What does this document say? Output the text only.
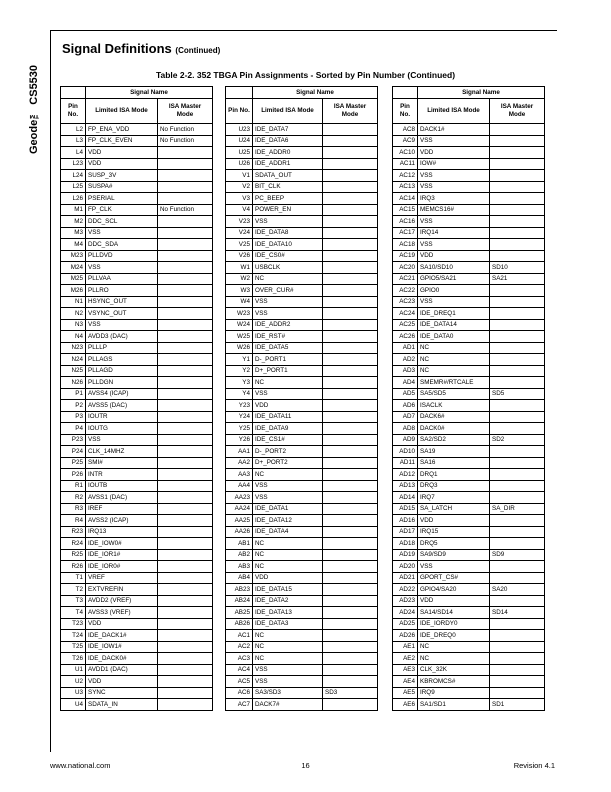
Geode™ CS5530
Signal Definitions (Continued)
Table 2-2. 352 TBGA Pin Assignments - Sorted by Pin Number (Continued)
	Signal Name	
Pin No.	Limited ISA Mode	ISA Master Mode
L2	FP_ENA_VDD	No Function
L3	FP_CLK_EVEN	No Function
L4	VDD	
L23	VDD	
L24	SUSP_3V	
L25	SUSPA#	
L26	PSERIAL	
M1	FP_CLK	No Function
M2	DDC_SCL	
M3	VSS	
M4	DDC_SDA	
M23	PLLDVD	
M24	VSS	
M25	PLLVAA	
M26	PLLRO	
N1	HSYNC_OUT	
N2	VSYNC_OUT	
N3	VSS	
N4	AVDD3 (DAC)	
N23	PLLLP	
N24	PLLAGS	
N25	PLLAGD	
N26	PLLDGN	
P1	AVSS4 (ICAP)	
P2	AVSS5 (DAC)	
P3	IOUTR	
P4	IOUTG	
P23	VSS	
P24	CLK_14MHZ	
P25	SMI#	
P26	INTR	
R1	IOUTB	
R2	AVSS1 (DAC)	
R3	IREF	
R4	AVSS2 (ICAP)	
R23	IRQ13	
R24	IDE_IOW0#	
R25	IDE_IOR1#	
R26	IDE_IOR0#	
T1	VREF	
T2	EXTVREFIN	
T3	AVDD2 (VREF)	
T4	AVSS3 (VREF)	
T23	VDD	
T24	IDE_DACK1#	
T25	IDE_IOW1#	
T26	IDE_DACK0#	
U1	AVDD1 (DAC)	
U2	VDD	
U3	SYNC	
U4	SDATA_IN	
	Signal Name	
Pin No.	Limited ISA Mode	ISA Master Mode
U23	IDE_DATA7	
U24	IDE_DATA6	
U25	IDE_ADDR0	
U26	IDE_ADDR1	
V1	SDATA_OUT	
V2	BIT_CLK	
V3	PC_BEEP	
V4	POWER_EN	
V23	VSS	
V24	IDE_DATA8	
V25	IDE_DATA10	
V26	IDE_CS0#	
W1	USBCLK	
W2	NC	
W3	OVER_CUR#	
W4	VSS	
W23	VSS	
W24	IDE_ADDR2	
W25	IDE_RST#	
W26	IDE_DATA5	
Y1	D-_PORT1	
Y2	D+_PORT1	
Y3	NC	
Y4	VSS	
Y23	VDD	
Y24	IDE_DATA11	
Y25	IDE_DATA9	
Y26	IDE_CS1#	
AA1	D-_PORT2	
AA2	D+_PORT2	
AA3	NC	
AA4	VSS	
AA23	VSS	
AA24	IDE_DATA1	
AA25	IDE_DATA12	
AA26	IDE_DATA4	
AB1	NC	
AB2	NC	
AB3	NC	
AB4	VDD	
AB23	IDE_DATA15	
AB24	IDE_DATA2	
AB25	IDE_DATA13	
AB26	IDE_DATA3	
AC1	NC	
AC2	NC	
AC3	NC	
AC4	VSS	
AC5	VSS	
AC6	SA3/SD3	SD3
AC7	DACK7#	
	Signal Name	
Pin No.	Limited ISA Mode	ISA Master Mode
AC8	DACK1#	
AC9	VSS	
AC10	VDD	
AC11	IOW#	
AC12	VSS	
AC13	VSS	
AC14	IRQ3	
AC15	MEMCS16#	
AC16	VSS	
AC17	IRQ14	
AC18	VSS	
AC19	VDD	
AC20	SA10/SD10	SD10
AC21	GPIO5/SA21	SA21
AC22	GPIO0	
AC23	VSS	
AC24	IDE_DREQ1	
AC25	IDE_DATA14	
AC26	IDE_DATA0	
AD1	NC	
AD2	NC	
AD3	NC	
AD4	SMEMR#/RTCALE	
AD5	SA5/SD5	SD5
AD6	ISACLK	
AD7	DACK6#	
AD8	DACK0#	
AD9	SA2/SD2	SD2
AD10	SA19	
AD11	SA16	
AD12	DRQ1	
AD13	DRQ3	
AD14	IRQ7	
AD15	SA_LATCH	SA_DIR
AD16	VDD	
AD17	IRQ15	
AD18	DRQ5	
AD19	SA9/SD9	SD9
AD20	VSS	
AD21	GPORT_CS#	
AD22	GPIO4/SA20	SA20
AD23	VDD	
AD24	SA14/SD14	SD14
AD25	IDE_IORDY0	
AD26	IDE_DREQ0	
AE1	NC	
AE2	NC	
AE3	CLK_32K	
AE4	KBROMCS#	
AE5	IRQ9	
AE6	SA1/SD1	SD1
www.national.com	16	Revision 4.1
